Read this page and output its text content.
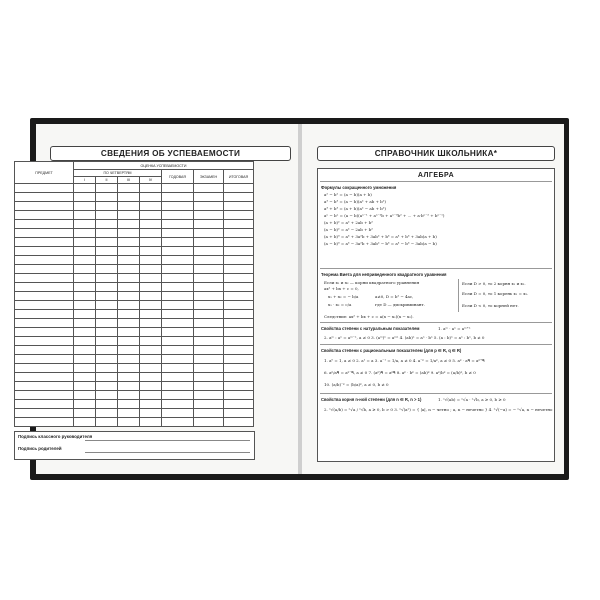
СВЕДЕНИЯ ОБ УСПЕВАЕМОСТИ
ПРЕДМЕТ	ОЦЕНКА УСПЕВАЕМОСТИ						
	ПО ЧЕТВЕРТЯМ				ГОДОВАЯ	ЭКЗАМЕН	ИТОГОВАЯ
	I	II	III	IV			

Подпись классного руководителя
Подпись родителей
СПРАВОЧНИК ШКОЛЬНИКА*
АЛГЕБРА
Формулы сокращенного умножения
a² − b² = (a − b)(a + b)
a³ − b³ = (a − b)(a² + ab + b²)
a³ + b³ = (a + b)(a² − ab + b²)
aⁿ − bⁿ = (a − b)(aⁿ⁻¹ + aⁿ⁻²b + aⁿ⁻³b² + ... + a·bⁿ⁻² + bⁿ⁻¹)
(a + b)² = a² + 2ab + b²
(a − b)² = a² − 2ab + b²
(a + b)³ = a³ + 3a²b + 3ab² + b³ = a³ + b³ + 3ab(a + b)
(a − b)³ = a³ − 3a²b + 3ab² − b³ = a³ − b³ − 3ab(a − b)
Теорема Виета для неприведенного квадратного уравнения
Если x₁ и x₂ — корни квадратного уравнения
ax² + bx + c = 0,
x₁ + x₂ = − b/a
x₁ · x₂ = c/a
a≠0, D = b² − 4ac,
где D — дискриминант.
Следствие: ax² + bx + c = a(x − x₁)(x − x₂).
Если D > 0, то 2 корня x₁ и x₂.
Если D = 0, то 1 корень x₁ = x₂.
Если D < 0, то корней нет.
Свойства степени с натуральным показателем	1. aᵐ · aⁿ = aᵐ⁺ⁿ
2. aᵐ : aⁿ = aᵐ⁻ⁿ, a ≠ 0 3. (aᵐ)ⁿ = aᵐⁿ 4. (ab)ⁿ = aⁿ · bⁿ 5. (a : b)ⁿ = aⁿ : bⁿ, b ≠ 0
Свойства степени с рациональным показателем (для p ∈ R, q ∈ R)
1. a⁰ = 1, a ≠ 0 2. a¹ = a 3. a⁻¹ = 1/a, a ≠ 0 4. a⁻ᵖ = 1/aᵖ, a ≠ 0 5. aᵖ · aᑫ = aᵖ⁺ᑫ
6. aᵖ/aᑫ = aᵖ⁻ᑫ, a ≠ 0 7. (aᵖ)ᑫ = aᵖᑫ 8. aᵖ · bᵖ = (ab)ᵖ 9. aᵖ/bᵖ = (a/b)ᵖ, b ≠ 0
10. (a/b)⁻ᵖ = (b/a)ᵖ, a ≠ 0, b ≠ 0
Свойства корня n-ной степени (для n ∈ R, n > 1)	1. ⁿ√(ab) = ⁿ√a · ⁿ√b, a ≥ 0, b ≥ 0
2. ⁿ√(a/b) = ⁿ√a / ⁿ√b, a ≥ 0, b > 0 3. ⁿ√(aⁿ) = { |a|, n − четно ; a, n − нечетно } 4. ⁿ√(−a) = − ⁿ√a, n − нечетно
